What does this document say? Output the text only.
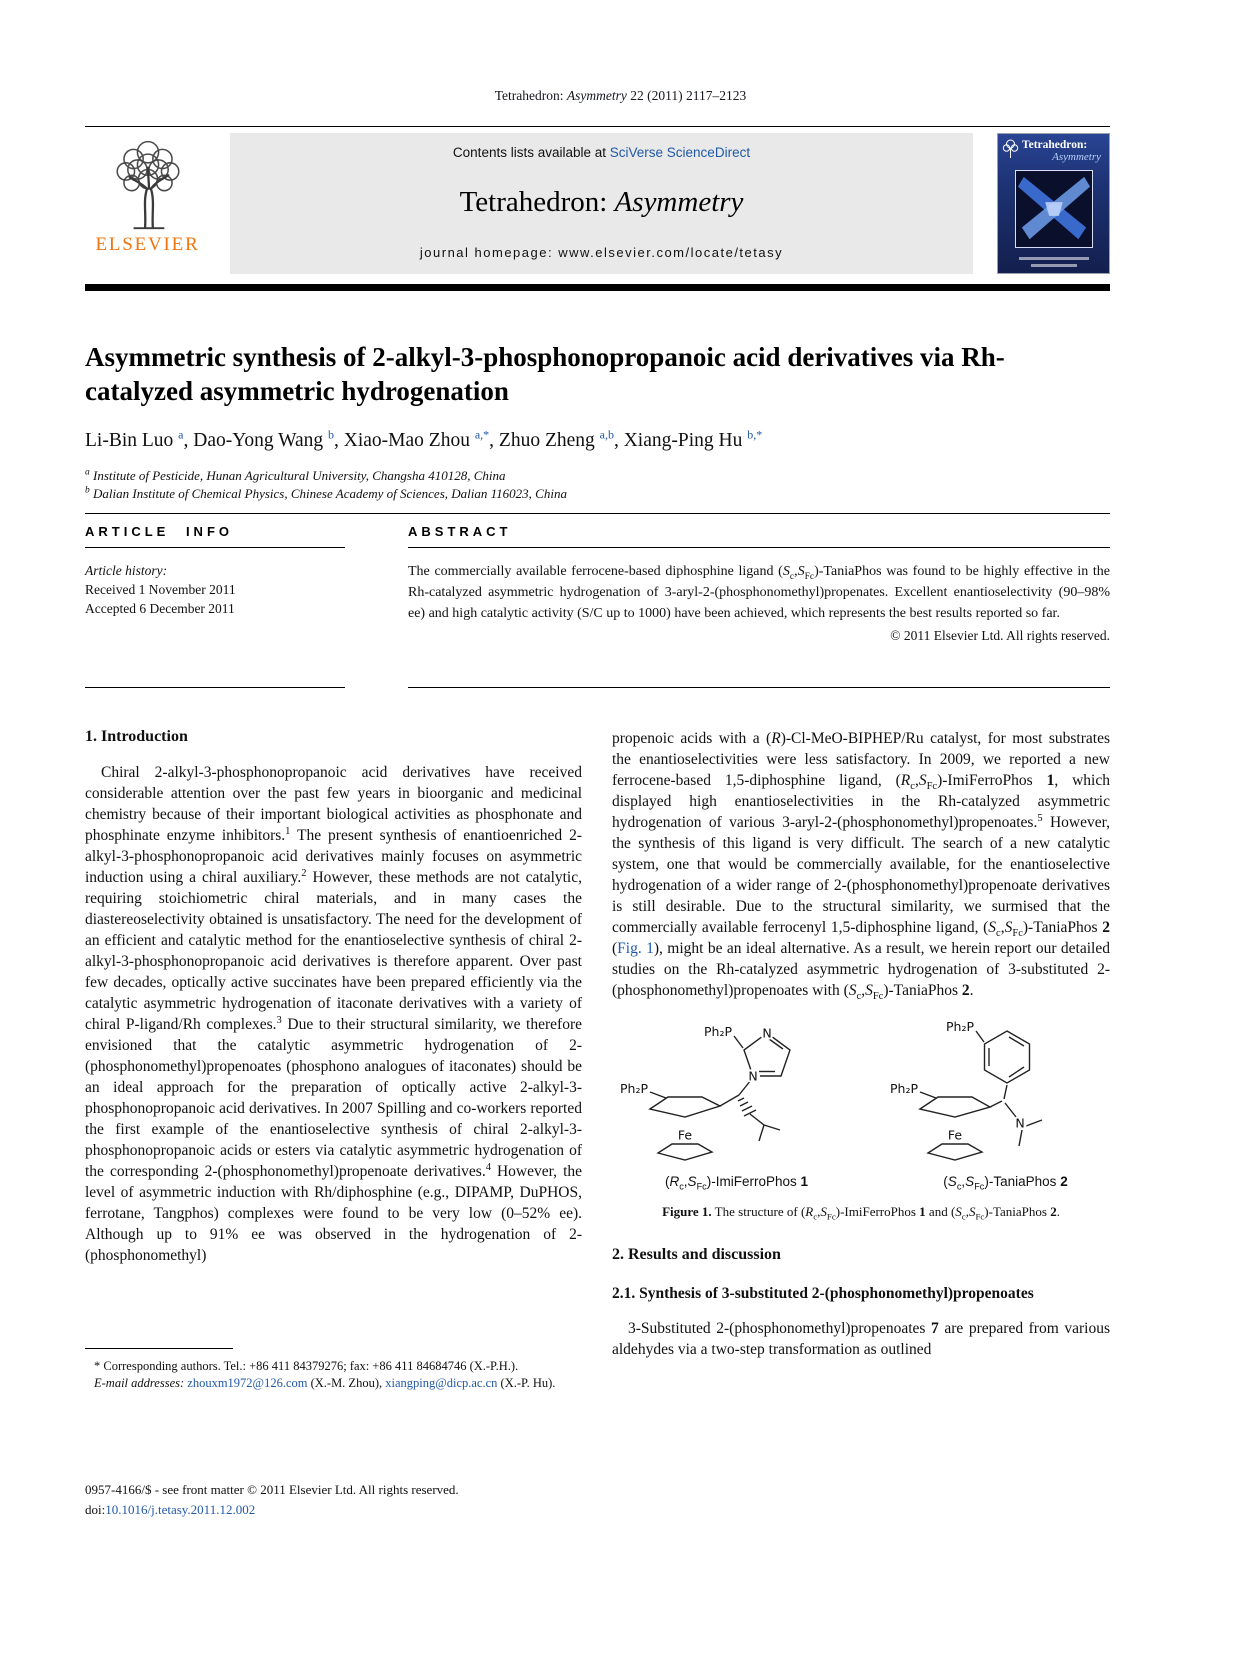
Tetrahedron: Asymmetry 22 (2011) 2117–2123
ELSEVIER
Contents lists available at SciVerse ScienceDirect
Tetrahedron: Asymmetry
journal homepage: www.elsevier.com/locate/tetasy
Tetrahedron:
Asymmetry
Asymmetric synthesis of 2-alkyl-3-phosphonopropanoic acid derivatives via Rh-catalyzed asymmetric hydrogenation
Li-Bin Luo $^a$, Dao-Yong Wang $^b$, Xiao-Mao Zhou $^{a,*}$, Zhuo Zheng $^{a,b}$, Xiang-Ping Hu $^{b,*}$
$^a$ Institute of Pesticide, Hunan Agricultural University, Changsha 410128, China
$^b$ Dalian Institute of Chemical Physics, Chinese Academy of Sciences, Dalian 116023, China
ARTICLE INFO
Article history:
Received 1 November 2011
Accepted 6 December 2011
ABSTRACT

The commercially available ferrocene-based diphosphine ligand $(S_c,S_{Fc})$-TaniaPhos was found to be highly effective in the Rh-catalyzed asymmetric hydrogenation of 3-aryl-2-(phosphonomethyl)propenates. Excellent enantioselectivity (90–98% ee) and high catalytic activity (S/C up to 1000) have been achieved, which represents the best results reported so far.

© 2011 Elsevier Ltd. All rights reserved.
1. Introduction

Chiral 2-alkyl-3-phosphonopropanoic acid derivatives have received considerable attention over the past few years in bioorganic and medicinal chemistry because of their important biological activities as phosphonate and phosphinate enzyme inhibitors.$^1$ The present synthesis of enantioenriched 2-alkyl-3-phosphonopropanoic acid derivatives mainly focuses on asymmetric induction using a chiral auxiliary.$^2$ However, these methods are not catalytic, requiring stoichiometric chiral materials, and in many cases the diastereoselectivity obtained is unsatisfactory. The need for the development of an efficient and catalytic method for the enantioselective synthesis of chiral 2-alkyl-3-phosphonopropanoic acid derivatives is therefore apparent. Over past few decades, optically active succinates have been prepared efficiently via the catalytic asymmetric hydrogenation of itaconate derivatives with a variety of chiral P-ligand/Rh complexes.$^3$ Due to their structural similarity, we therefore envisioned that the catalytic asymmetric hydrogenation of 2-(phosphonomethyl)propenoates (phosphono analogues of itaconates) should be an ideal approach for the preparation of optically active 2-alkyl-3-phosphonopropanoic acid derivatives. In 2007 Spilling and co-workers reported the first example of the enantioselective synthesis of chiral 2-alkyl-3-phosphonopropanoic acids or esters via catalytic asymmetric hydrogenation of the corresponding 2-(phosphonomethyl)propenoate derivatives.$^4$ However, the level of asymmetric induction with Rh/diphosphine (e.g., DIPAMP, DuPHOS, ferrotane, Tangphos) complexes were found to be very low (0–52% ee). Although up to 91% ee was observed in the hydrogenation of 2-(phosphonomethyl)

propenoic acids with a (R)-Cl-MeO-BIPHEP/Ru catalyst, for most substrates the enantioselectivities were less satisfactory. In 2009, we reported a new ferrocene-based 1,5-diphosphine ligand, $(R_c,S_{Fc})$-ImiFerroPhos 1, which displayed high enantioselectivities in the Rh-catalyzed asymmetric hydrogenation of various 3-aryl-2-(phosphonomethyl)propenoates.$^5$ However, the synthesis of this ligand is very difficult. The search of a new catalytic system, one that would be commercially available, for the enantioselective hydrogenation of a wider range of 2-(phosphonomethyl)propenoate derivatives is still desirable. Due to the structural similarity, we surmised that the commercially available ferrocenyl 1,5-diphosphine ligand, $(S_c,S_{Fc})$-TaniaPhos 2 (Fig. 1), might be an ideal alternative. As a result, we herein report our detailed studies on the Rh-catalyzed asymmetric hydrogenation of 3-substituted 2-(phosphonomethyl)propenoates with $(S_c,S_{Fc})$-TaniaPhos 2.

N
N
Ph₂P
Ph₂P
Fe
N
Ph₂P
Ph₂P
Fe
$(R_c,S_{Fc})$-ImiFerroPhos 1	$(S_c,S_{Fc})$-TaniaPhos 2
Figure 1. The structure of $(R_c,S_{Fc})$-ImiFerroPhos 1 and $(S_c,S_{Fc})$-TaniaPhos 2.
2. Results and discussion
2.1. Synthesis of 3-substituted 2-(phosphonomethyl)propenoates

3-Substituted 2-(phosphonomethyl)propenoates 7 are prepared from various aldehydes via a two-step transformation as outlined

* Corresponding authors. Tel.: +86 411 84379276; fax: +86 411 84684746 (X.-P.H.).

E-mail addresses: zhouxm1972@126.com (X.-M. Zhou), xiangping@dicp.ac.cn (X.-P. Hu).

0957-4166/$ - see front matter © 2011 Elsevier Ltd. All rights reserved.
doi:10.1016/j.tetasy.2011.12.002
